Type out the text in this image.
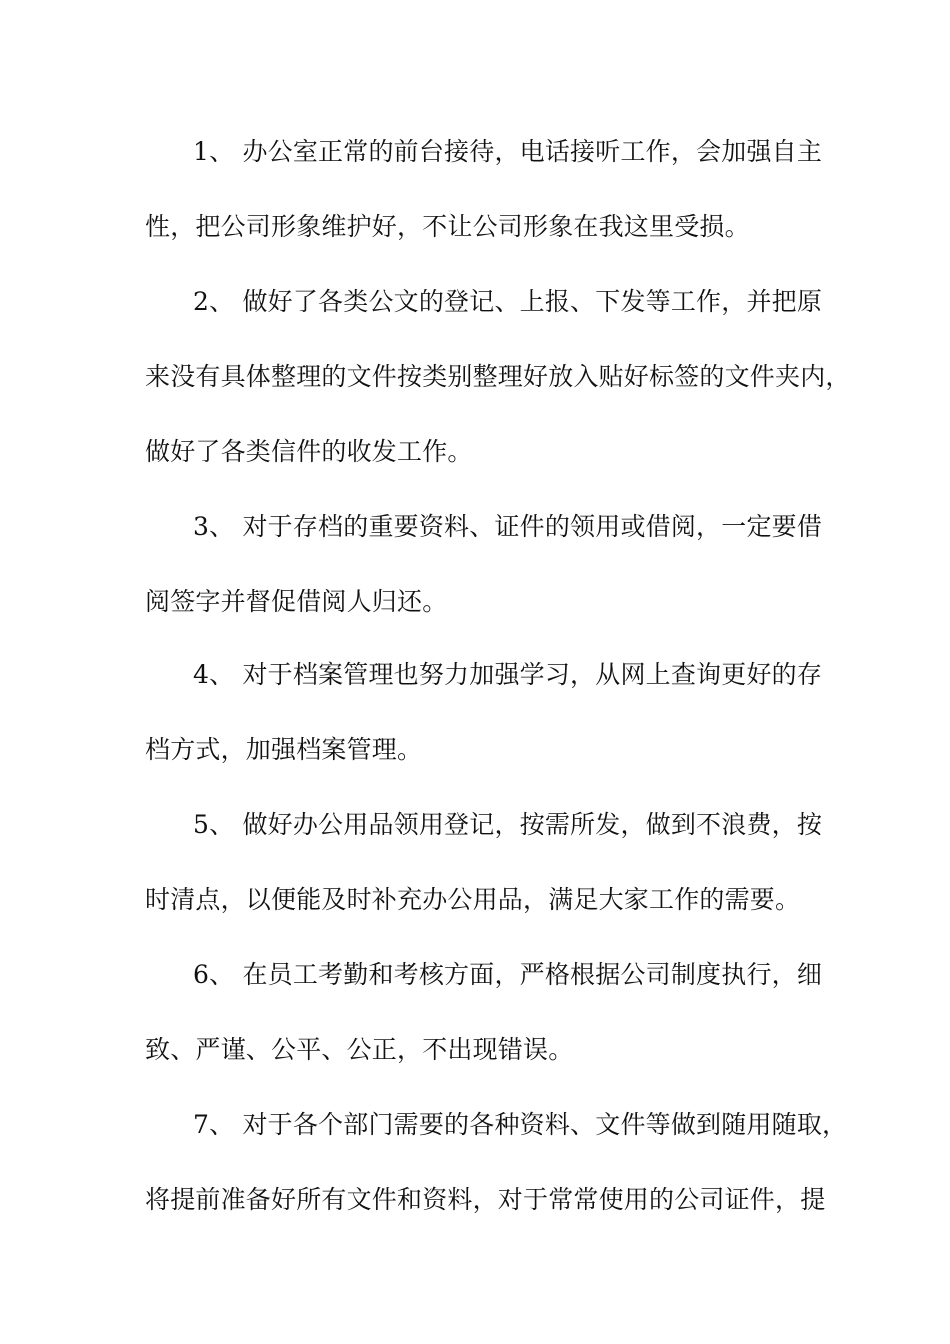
1、 办公室正常的前台接待，电话接听工作，会加强自主
性，把公司形象维护好，不让公司形象在我这里受损。
2、 做好了各类公文的登记、上报、下发等工作，并把原
来没有具体整理的文件按类别整理好放入贴好标签的文件夹内，
做好了各类信件的收发工作。
3、 对于存档的重要资料、证件的领用或借阅，一定要借
阅签字并督促借阅人归还。
4、 对于档案管理也努力加强学习，从网上查询更好的存
档方式，加强档案管理。
5、 做好办公用品领用登记，按需所发，做到不浪费，按
时清点，以便能及时补充办公用品，满足大家工作的需要。
6、 在员工考勤和考核方面，严格根据公司制度执行，细
致、严谨、公平、公正，不出现错误。
7、 对于各个部门需要的各种资料、文件等做到随用随取，
将提前准备好所有文件和资料，对于常常使用的公司证件，提
